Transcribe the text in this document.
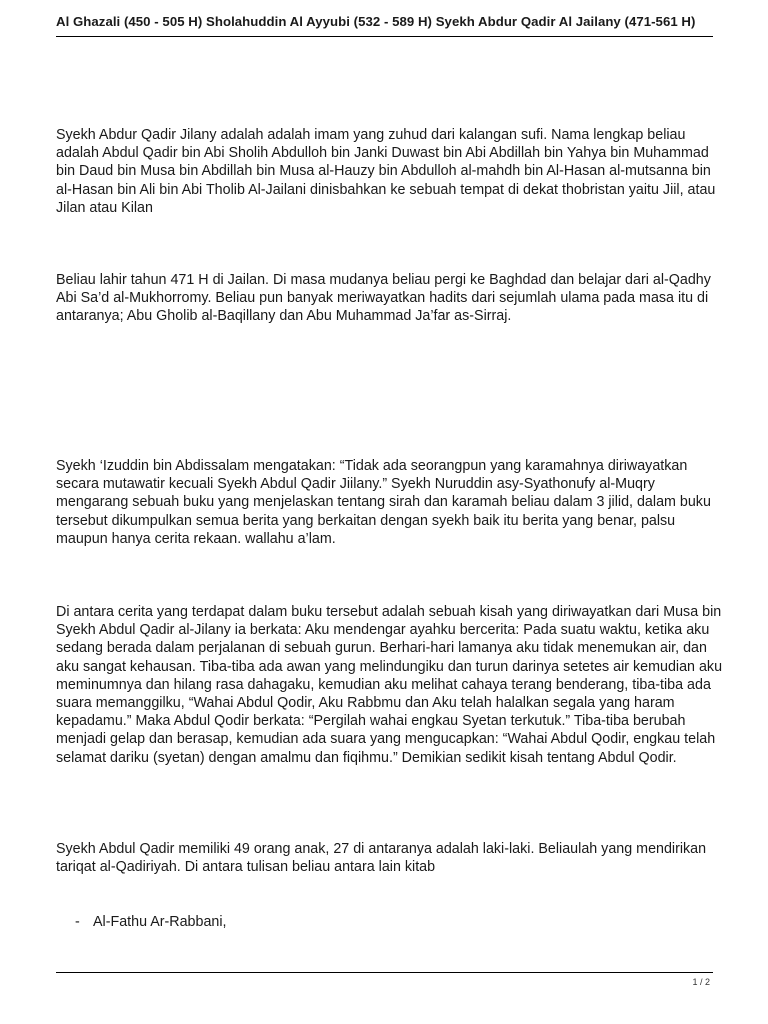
Al Ghazali (450 - 505 H) Sholahuddin Al Ayyubi (532 - 589 H) Syekh Abdur Qadir Al Jailany (471-561 H)

Syekh Abdur Qadir Jilany adalah adalah imam yang zuhud dari kalangan sufi. Nama lengkap beliau adalah Abdul Qadir bin Abi Sholih Abdulloh bin Janki Duwast bin Abi Abdillah bin Yahya bin Muhammad bin Daud bin Musa bin Abdillah bin Musa al-Hauzy bin Abdulloh al-mahdh bin Al-Hasan al-mutsanna bin al-Hasan bin Ali bin Abi Tholib Al-Jailani dinisbahkan ke sebuah tempat di dekat thobristan yaitu Jiil, atau Jilan atau Kilan

Beliau lahir tahun 471 H di Jailan. Di masa mudanya beliau pergi ke Baghdad dan belajar dari al-Qadhy Abi Sa’d al-Mukhorromy. Beliau pun banyak meriwayatkan hadits dari sejumlah ulama pada masa itu di antaranya; Abu Gholib al-Baqillany dan Abu Muhammad Ja’far as-Sirraj.

Syekh ‘Izuddin bin Abdissalam mengatakan: “Tidak ada seorangpun yang karamahnya diriwayatkan secara mutawatir kecuali Syekh Abdul Qadir Jiilany.” Syekh Nuruddin asy-Syathonufy al-Muqry mengarang sebuah buku yang menjelaskan tentang sirah dan karamah beliau dalam 3 jilid, dalam buku tersebut dikumpulkan semua berita yang berkaitan dengan syekh baik itu berita yang benar, palsu maupun hanya cerita rekaan. wallahu a’lam.

Di antara cerita yang terdapat dalam buku tersebut adalah sebuah kisah yang diriwayatkan dari Musa bin Syekh Abdul Qadir al-Jilany ia berkata: Aku mendengar ayahku bercerita: Pada suatu waktu, ketika aku sedang berada dalam perjalanan di sebuah gurun. Berhari-hari lamanya aku tidak menemukan air, dan aku sangat kehausan. Tiba-tiba ada awan yang melindungiku dan turun darinya setetes air kemudian aku meminumnya dan hilang rasa dahagaku, kemudian aku melihat cahaya terang benderang, tiba-tiba ada suara memanggilku, “Wahai Abdul Qodir, Aku Rabbmu dan Aku telah halalkan segala yang haram kepadamu.” Maka Abdul Qodir berkata: “Pergilah wahai engkau Syetan terkutuk.” Tiba-tiba berubah menjadi gelap dan berasap, kemudian ada suara yang mengucapkan: “Wahai Abdul Qodir, engkau telah selamat dariku (syetan) dengan amalmu dan fiqihmu.” Demikian sedikit kisah tentang Abdul Qodir.

Syekh Abdul Qadir memiliki 49 orang anak, 27 di antaranya adalah laki-laki. Beliaulah yang mendirikan tariqat al-Qadiriyah. Di antara tulisan beliau antara lain kitab

- Al-Fathu Ar-Rabbani,

1 / 2
